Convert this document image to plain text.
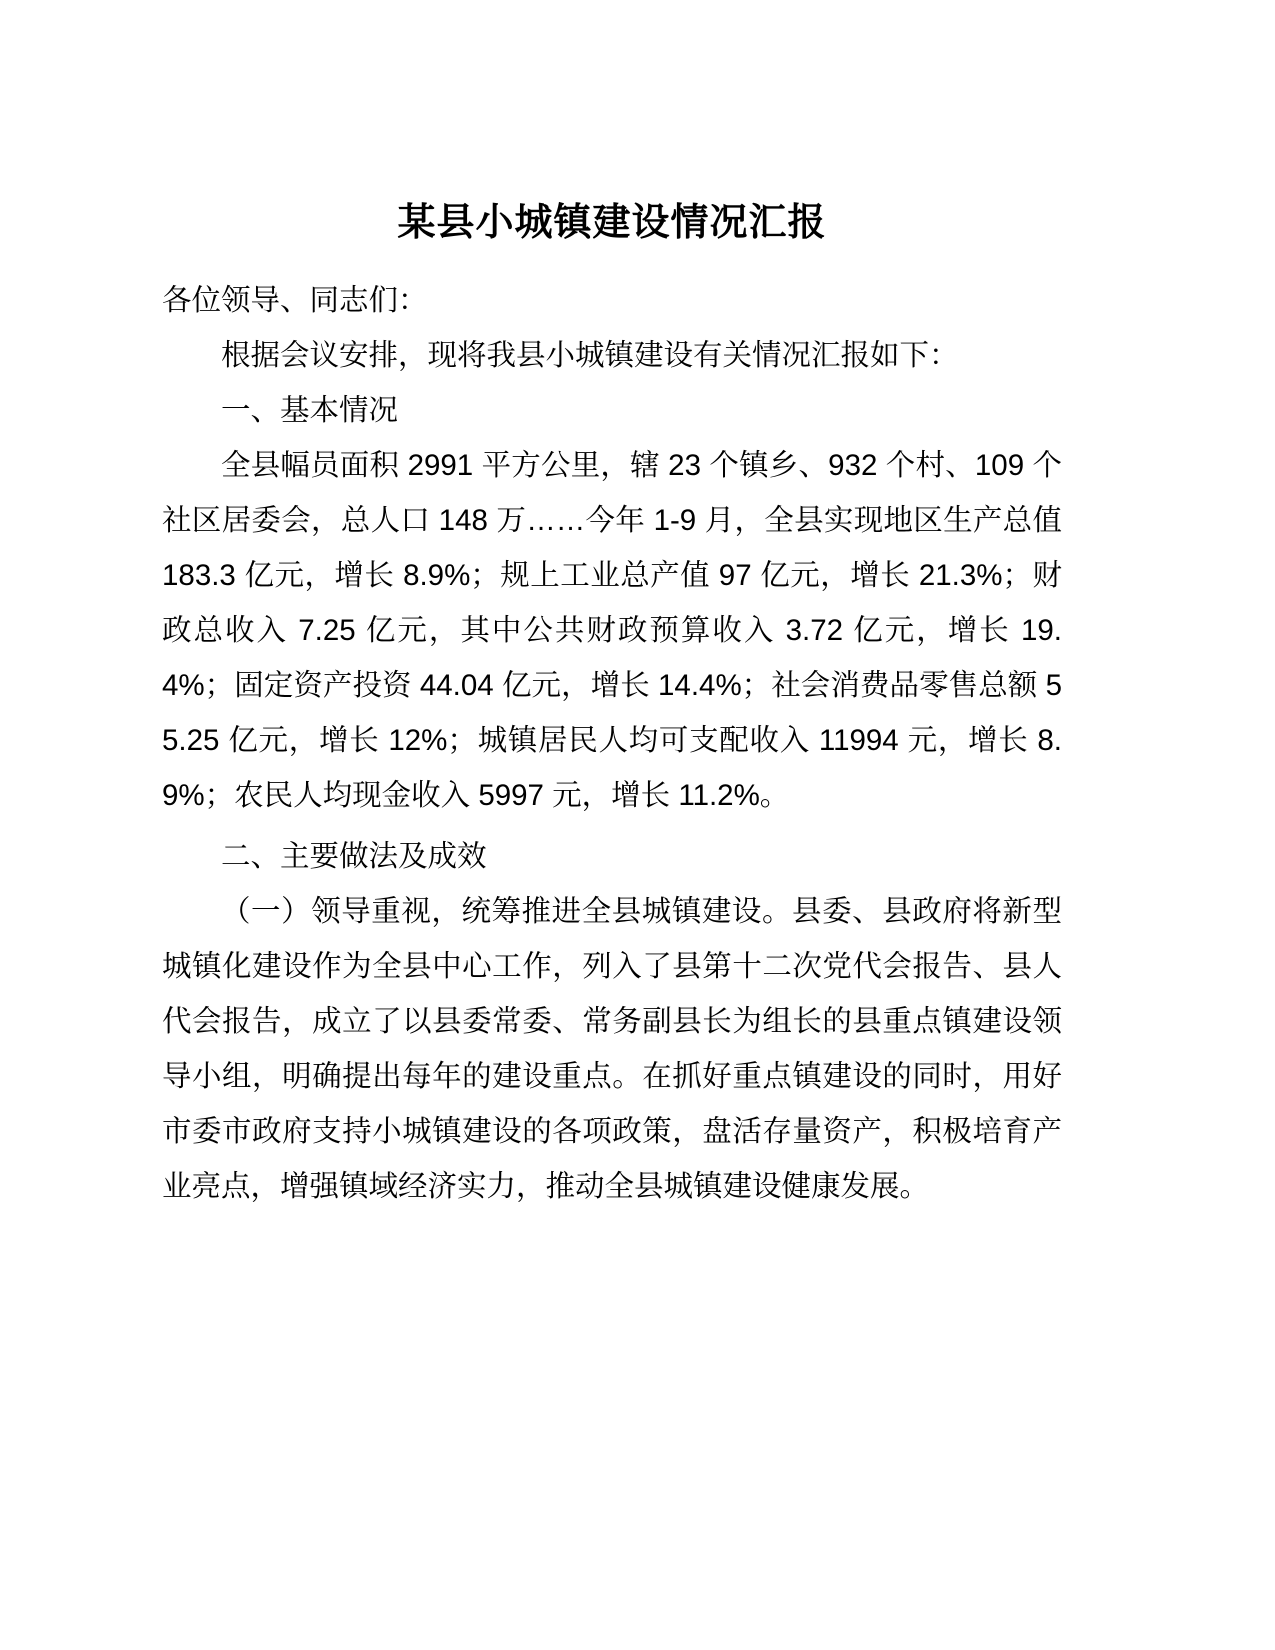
某县小城镇建设情况汇报

各位领导、同志们：

根据会议安排，现将我县小城镇建设有关情况汇报如下：

一、基本情况

全县幅员面积 2991 平方公里，辖 23 个镇乡、932 个村、109 个社区居委会，总人口 148 万……今年 1-9 月，全县实现地区生产总值 183.3 亿元，增长 8.9%；规上工业总产值 97 亿元，增长 21.3%；财政总收入 7.25 亿元，其中公共财政预算收入 3.72 亿元，增长 19.4%；固定资产投资 44.04 亿元，增长 14.4%；社会消费品零售总额 55.25 亿元，增长 12%；城镇居民人均可支配收入 11994 元，增长 8.9%；农民人均现金收入 5997 元，增长 11.2%。

二、主要做法及成效

（一）领导重视，统筹推进全县城镇建设。县委、县政府将新型城镇化建设作为全县中心工作，列入了县第十二次党代会报告、县人代会报告，成立了以县委常委、常务副县长为组长的县重点镇建设领导小组，明确提出每年的建设重点。在抓好重点镇建设的同时，用好市委市政府支持小城镇建设的各项政策，盘活存量资产，积极培育产业亮点，增强镇域经济实力，推动全县城镇建设健康发展。
